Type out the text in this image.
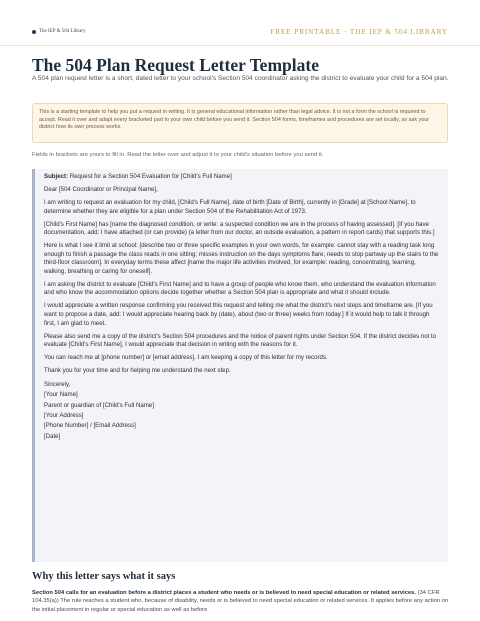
The IEP & 504 Library	FREE PRINTABLE · THE IEP & 504 LIBRARY
The 504 Plan Request Letter Template

A 504 plan request letter is a short, dated letter to your school's Section 504 coordinator asking the district to evaluate your child for a 504 plan.

This is a starting template to help you put a request in writing. It is general educational information rather than legal advice. It is not a form the school is required to accept. Read it over and adapt every bracketed part to your own child before you send it. Section 504 forms, timeframes and procedures are set locally, so ask your district how its own process works.

Fields in brackets are yours to fill in. Read the letter over and adjust it to your child's situation before you send it.

Subject: Request for a Section 504 Evaluation for [Child's Full Name]

Dear [504 Coordinator or Principal Name],

I am writing to request an evaluation for my child, [Child's Full Name], date of birth [Date of Birth], currently in [Grade] at [School Name], to determine whether they are eligible for a plan under Section 504 of the Rehabilitation Act of 1973.

[Child's First Name] has [name the diagnosed condition, or write: a suspected condition we are in the process of having assessed]. [If you have documentation, add: I have attached (or can provide) (a letter from our doctor, an outside evaluation, a pattern in report cards) that supports this.]

Here is what I see it limit at school: [describe two or three specific examples in your own words, for example: cannot stay with a reading task long enough to finish a passage the class reads in one sitting; misses instruction on the days symptoms flare; needs to stop partway up the stairs to the third-floor classroom]. In everyday terms these affect [name the major life activities involved, for example: reading, concentrating, learning, walking, breathing or caring for oneself].

I am asking the district to evaluate [Child's First Name] and to have a group of people who know them, who understand the evaluation information and who know the accommodation options decide together whether a Section 504 plan is appropriate and what it should include.

I would appreciate a written response confirming you received this request and telling me what the district's next steps and timeframe are. [If you want to propose a date, add: I would appreciate hearing back by (date), about (two or three) weeks from today.] If it would help to talk it through first, I am glad to meet.

Please also send me a copy of the district's Section 504 procedures and the notice of parent rights under Section 504. If the district decides not to evaluate [Child's First Name], I would appreciate that decision in writing with the reasons for it.

You can reach me at [phone number] or [email address]. I am keeping a copy of this letter for my records.

Thank you for your time and for helping me understand the next step.

Sincerely,
[Your Name]
Parent or guardian of [Child's Full Name]
[Your Address]
[Phone Number] / [Email Address]
[Date]
Why this letter says what it says

Section 504 calls for an evaluation before a district places a student who needs or is believed to need special education or related services. (34 CFR 104.35(a)) The rule reaches a student who, because of disability, needs or is believed to need special education or related services. It applies before any action on the initial placement in regular or special education as well as before
